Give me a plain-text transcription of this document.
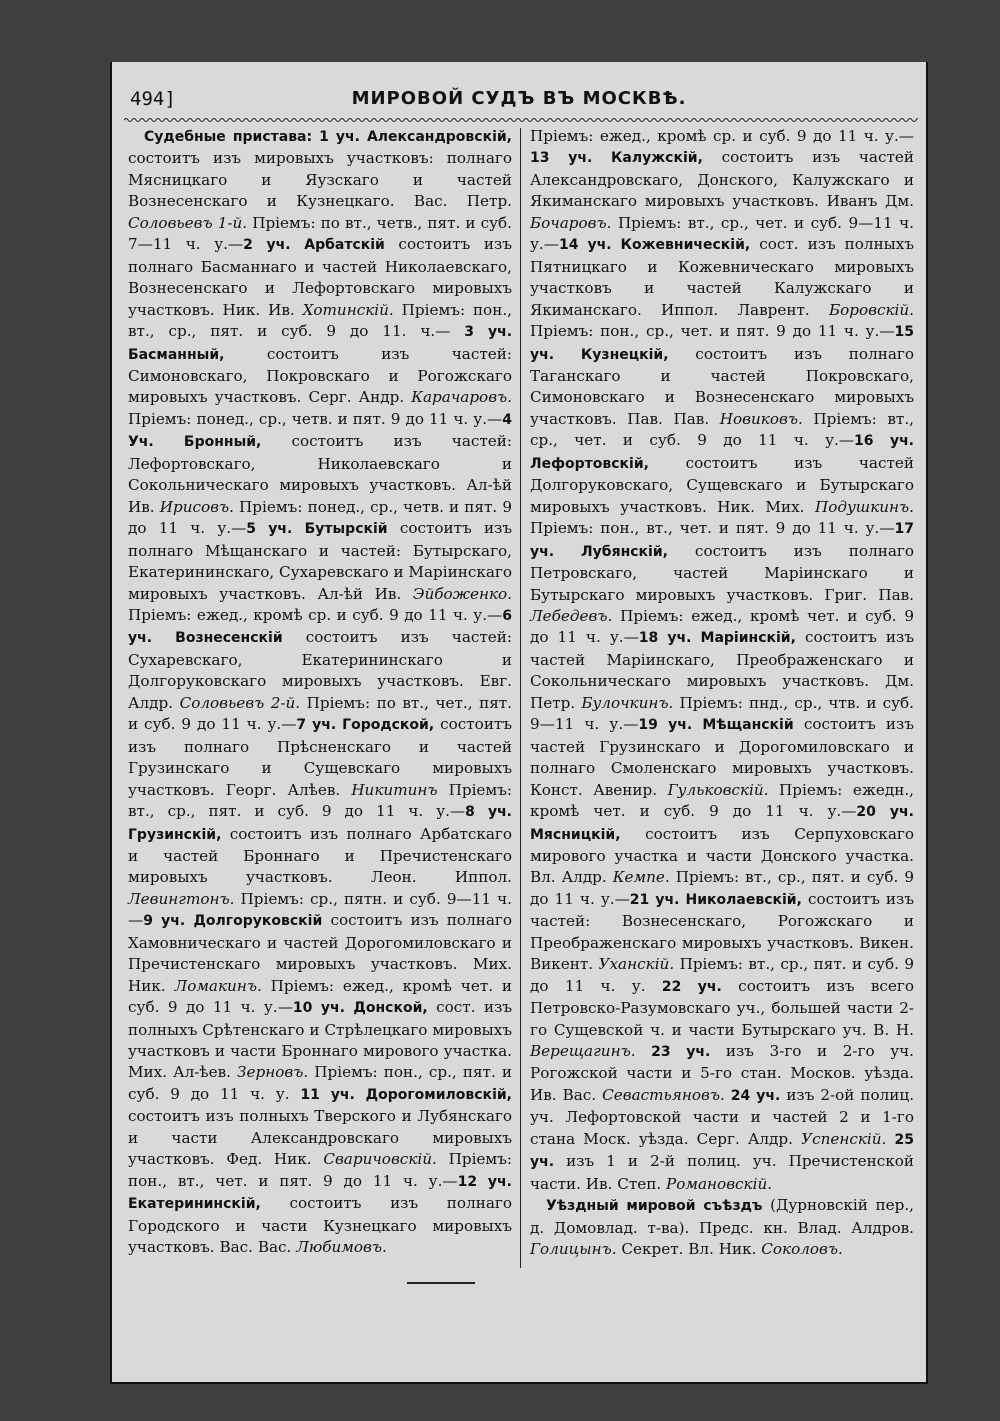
494]	МИРОВОЙ СУДЪ ВЪ МОСКВѢ.

Судебные пристава: 1 уч. Александровскій, состоитъ изъ мировыхъ участковъ: полнаго Мясницкаго и Яузскаго и частей Вознесенскаго и Кузнецкаго. Вас. Петр. Соловьевъ 1-й. Пріемъ: по вт., четв., пят. и суб. 7—11 ч. у.—2 уч. Арбатскій состоитъ изъ полнаго Басманнаго и частей Николаевскаго, Вознесенскаго и Лефортовскаго мировыхъ участковъ. Ник. Ив. Хотинскій. Пріемъ: пон., вт., ср., пят. и суб. 9 до 11. ч.— 3 уч. Басманный, состоитъ изъ частей: Симоновскаго, Покровскаго и Рогожскаго мировыхъ участковъ. Серг. Андр. Карачаровъ. Пріемъ: понед., ср., четв. и пят. 9 до 11 ч. у.—4 Уч. Бронный, состоитъ изъ частей: Лефортовскаго, Николаевскаго и Сокольническаго мировыхъ участковъ. Ал-ѣй Ив. Ирисовъ. Пріемъ: понед., ср., четв. и пят. 9 до 11 ч. у.—5 уч. Бутырскій состоитъ изъ полнаго Мѣщанскаго и частей: Бутырскаго, Екатерининскаго, Сухаревскаго и Маріинскаго мировыхъ участковъ. Ал-ѣй Ив. Эйбоженко. Пріемъ: ежед., кромѣ ср. и суб. 9 до 11 ч. у.—6 уч. Вознесенскій состоитъ изъ частей: Сухаревскаго, Екатерининскаго и Долгоруковскаго мировыхъ участковъ. Евг. Алдр. Соловьевъ 2-й. Пріемъ: по вт., чет., пят. и суб. 9 до 11 ч. у.—7 уч. Городской, состоитъ изъ полнаго Прѣсненскаго и частей Грузинскаго и Сущевскаго мировыхъ участковъ. Георг. Алѣев. Никитинъ Пріемъ: вт., ср., пят. и суб. 9 до 11 ч. у.—8 уч. Грузинскій, состоитъ изъ полнаго Арбатскаго и частей Броннаго и Пречистенскаго мировыхъ участковъ. Леон. Иппол. Левингтонъ. Пріемъ: ср., пятн. и суб. 9—11 ч.—9 уч. Долгоруковскій состоитъ изъ полнаго Хамовническаго и частей Дорогомиловскаго и Пречистенскаго мировыхъ участковъ. Мих. Ник. Ломакинъ. Пріемъ: ежед., кромѣ чет. и суб. 9 до 11 ч. у.—10 уч. Донской, сост. изъ полныхъ Срѣтенскаго и Стрѣлецкаго мировыхъ участковъ и части Броннаго мирового участка. Мих. Ал-ѣев. Зерновъ. Пріемъ: пон., ср., пят. и суб. 9 до 11 ч. у. 11 уч. Дорогомиловскій, состоитъ изъ полныхъ Тверского и Лубянскаго и части Александровскаго мировыхъ участковъ. Фед. Ник. Сваричовскій. Пріемъ: пон., вт., чет. и пят. 9 до 11 ч. у.—12 уч. Екатерининскій, состоитъ изъ полнаго Городского и части Кузнецкаго мировыхъ участковъ. Вас. Вас. Любимовъ.

Пріемъ: ежед., кромѣ ср. и суб. 9 до 11 ч. у.—13 уч. Калужскій, состоитъ изъ частей Александровскаго, Донского, Калужскаго и Якиманскаго мировыхъ участковъ. Иванъ Дм. Бочаровъ. Пріемъ: вт., ср., чет. и суб. 9—11 ч. у.—14 уч. Кожевническій, сост. изъ полныхъ Пятницкаго и Кожевническаго мировыхъ участковъ и частей Калужскаго и Якиманскаго. Иппол. Лаврент. Боровскій. Пріемъ: пон., ср., чет. и пят. 9 до 11 ч. у.—15 уч. Кузнецкій, состоитъ изъ полнаго Таганскаго и частей Покровскаго, Симоновскаго и Вознесенскаго мировыхъ участковъ. Пав. Пав. Новиковъ. Пріемъ: вт., ср., чет. и суб. 9 до 11 ч. у.—16 уч. Лефортовскій, состоитъ изъ частей Долгоруковскаго, Сущевскаго и Бутырскаго мировыхъ участковъ. Ник. Мих. Подушкинъ. Пріемъ: пон., вт., чет. и пят. 9 до 11 ч. у.—17 уч. Лубянскій, состоитъ изъ полнаго Петровскаго, частей Маріинскаго и Бутырскаго мировыхъ участковъ. Григ. Пав. Лебедевъ. Пріемъ: ежед., кромѣ чет. и суб. 9 до 11 ч. у.—18 уч. Маріинскій, состоитъ изъ частей Маріинскаго, Преображенскаго и Сокольническаго мировыхъ участковъ. Дм. Петр. Булочкинъ. Пріемъ: пнд., ср., чтв. и суб. 9—11 ч. у.—19 уч. Мѣщанскій состоитъ изъ частей Грузинскаго и Дорогомиловскаго и полнаго Смоленскаго мировыхъ участковъ. Конст. Авенир. Гульковскій. Пріемъ: ежедн., кромѣ чет. и суб. 9 до 11 ч. у.—20 уч. Мясницкій, состоитъ изъ Серпуховскаго мирового участка и части Донского участка. Вл. Алдр. Кемпе. Пріемъ: вт., ср., пят. и суб. 9 до 11 ч. у.—21 уч. Николаевскій, состоитъ изъ частей: Вознесенскаго, Рогожскаго и Преображенскаго мировыхъ участковъ. Викен. Викент. Уханскій. Пріемъ: вт., ср., пят. и суб. 9 до 11 ч. у. 22 уч. состоитъ изъ всего Петровско-Разумовскаго уч., большей части 2-го Сущевской ч. и части Бутырскаго уч. В. Н. Верещагинъ. 23 уч. изъ 3-го и 2-го уч. Рогожской части и 5-го стан. Москов. уѣзда. Ив. Вас. Севастьяновъ. 24 уч. изъ 2-ой полиц. уч. Лефортовской части и частей 2 и 1-го стана Моск. уѣзда. Серг. Алдр. Успенскій. 25 уч. изъ 1 и 2-й полиц. уч. Пречистенской части. Ив. Степ. Романовскій.

Уѣздный мировой съѣздъ (Дурновскій пер., д. Домовлад. т-ва). Предс. кн. Влад. Алдров. Голицынъ. Секрет. Вл. Ник. Соколовъ.
